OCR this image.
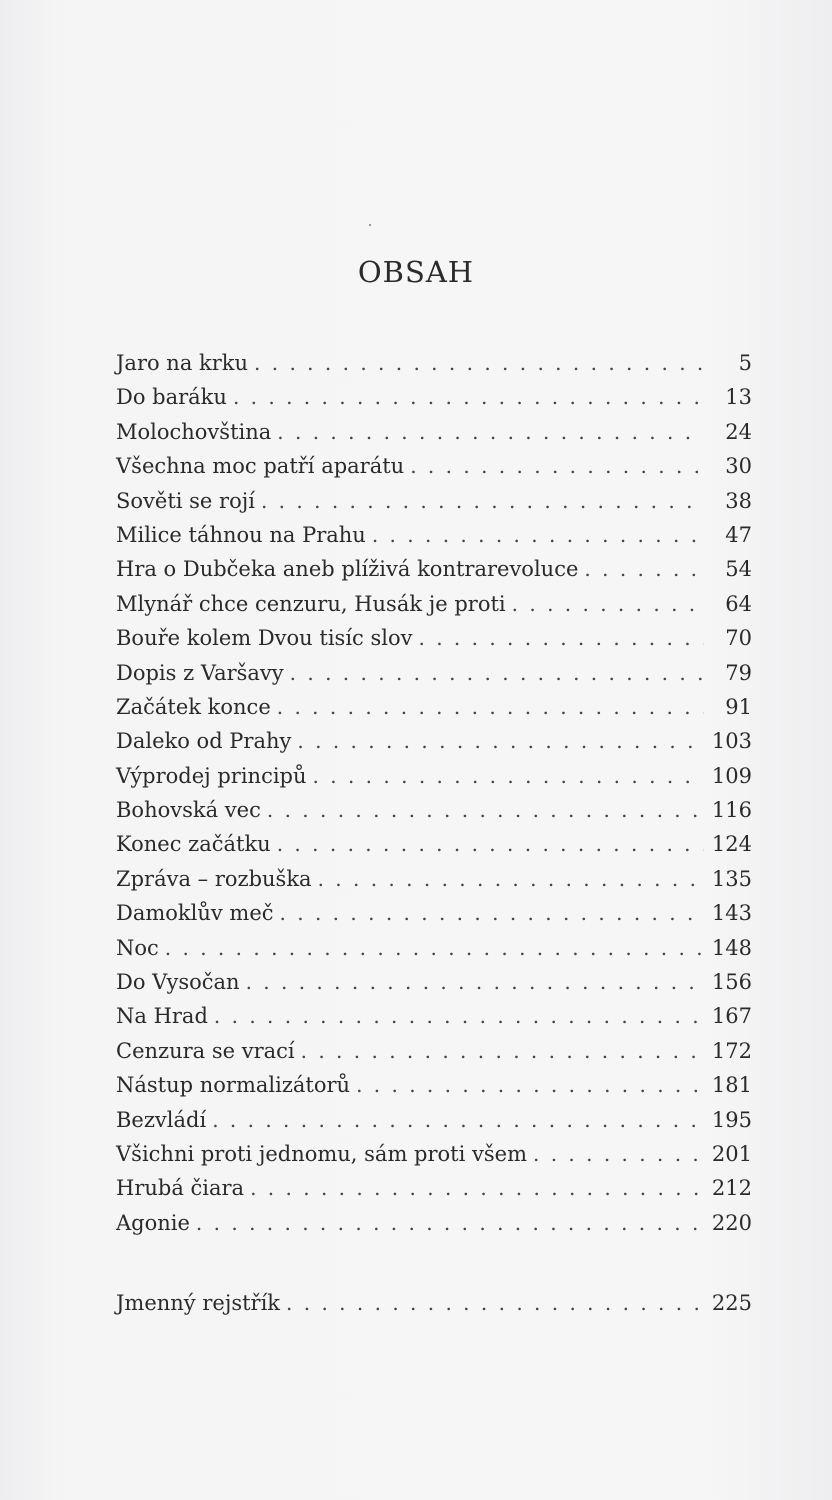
OBSAH
Jaro na krku . . .	5
Do baráku . . .	13
Molochovština . . .	24
Všechna moc patří aparátu . . .	30
Sověti se rojí . . .	38
Milice táhnou na Prahu . . .	47
Hra o Dubčeka aneb plíživá kontrarevoluce . . .	54
Mlynář chce cenzuru, Husák je proti . . .	64
Bouře kolem Dvou tisíc slov . . .	70
Dopis z Varšavy . . .	79
Začátek konce . . .	91
Daleko od Prahy . . .	103
Výprodej principů . . .	109
Bohovská vec . . .	116
Konec začátku . . .	124
Zpráva – rozbuška . . .	135
Damoklův meč . . .	143
Noc . . .	148
Do Vysočan . . .	156
Na Hrad . . .	167
Cenzura se vrací . . .	172
Nástup normalizátorů . . .	181
Bezvládí . . .	195
Všichni proti jednomu, sám proti všem . . .	201
Hrubá čiara . . .	212
Agonie . . .	220
Jmenný rejstřík . . .	225
